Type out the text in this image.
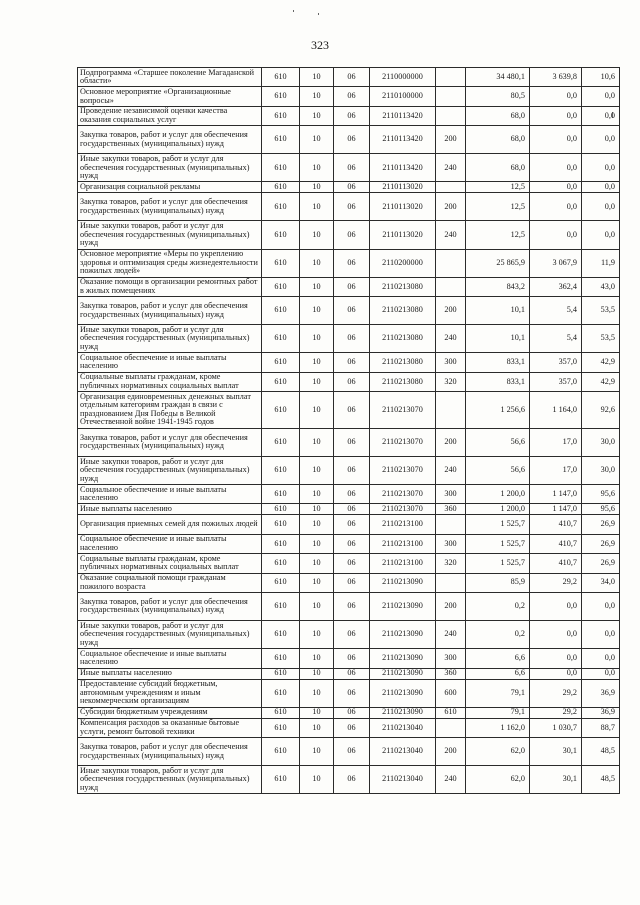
323
Подпрограмма «Старшее поколение Магаданской области»	610	10	06	2110000000		34 480,1	3 639,8	10,6
Основное мероприятие «Организационные вопросы»	610	10	06	2110100000		80,5	0,0	0,0
Проведение независимой оценки качества оказания социальных услуг	610	10	06	2110113420		68,0	0,0	0,0
Закупка товаров, работ и услуг для обеспечения государственных (муниципальных) нужд	610	10	06	2110113420	200	68,0	0,0	0,0
Иные закупки товаров, работ и услуг для обеспечения государственных (муниципальных) нужд	610	10	06	2110113420	240	68,0	0,0	0,0
Организация социальной рекламы	610	10	06	2110113020		12,5	0,0	0,0
Закупка товаров, работ и услуг для обеспечения государственных (муниципальных) нужд	610	10	06	2110113020	200	12,5	0,0	0,0
Иные закупки товаров, работ и услуг для обеспечения государственных (муниципальных) нужд	610	10	06	2110113020	240	12,5	0,0	0,0
Основное мероприятие «Меры по укреплению здоровья и оптимизация среды жизнедеятельности пожилых людей»	610	10	06	2110200000		25 865,9	3 067,9	11,9
Оказание помощи в организации ремонтных работ в жилых помещениях	610	10	06	2110213080		843,2	362,4	43,0
Закупка товаров, работ и услуг для обеспечения государственных (муниципальных) нужд	610	10	06	2110213080	200	10,1	5,4	53,5
Иные закупки товаров, работ и услуг для обеспечения государственных (муниципальных) нужд	610	10	06	2110213080	240	10,1	5,4	53,5
Социальное обеспечение и иные выплаты населению	610	10	06	2110213080	300	833,1	357,0	42,9
Социальные выплаты гражданам, кроме публичных нормативных социальных выплат	610	10	06	2110213080	320	833,1	357,0	42,9
Организация единовременных денежных выплат отдельным категориям граждан в связи с празднованием Дня Победы в Великой Отечественной войне 1941-1945 годов	610	10	06	2110213070		1 256,6	1 164,0	92,6
Закупка товаров, работ и услуг для обеспечения государственных (муниципальных) нужд	610	10	06	2110213070	200	56,6	17,0	30,0
Иные закупки товаров, работ и услуг для обеспечения государственных (муниципальных) нужд	610	10	06	2110213070	240	56,6	17,0	30,0
Социальное обеспечение и иные выплаты населению	610	10	06	2110213070	300	1 200,0	1 147,0	95,6
Иные выплаты населению	610	10	06	2110213070	360	1 200,0	1 147,0	95,6
Организация приемных семей для пожилых людей	610	10	06	2110213100		1 525,7	410,7	26,9
Социальное обеспечение и иные выплаты населению	610	10	06	2110213100	300	1 525,7	410,7	26,9
Социальные выплаты гражданам, кроме публичных нормативных социальных выплат	610	10	06	2110213100	320	1 525,7	410,7	26,9
Оказание социальной помощи гражданам пожилого возраста	610	10	06	2110213090		85,9	29,2	34,0
Закупка товаров, работ и услуг для обеспечения государственных (муниципальных) нужд	610	10	06	2110213090	200	0,2	0,0	0,0
Иные закупки товаров, работ и услуг для обеспечения государственных (муниципальных) нужд	610	10	06	2110213090	240	0,2	0,0	0,0
Социальное обеспечение и иные выплаты населению	610	10	06	2110213090	300	6,6	0,0	0,0
Иные выплаты населению	610	10	06	2110213090	360	6,6	0,0	0,0
Предоставление субсидий бюджетным, автономным учреждениям и иным некоммерческим организациям	610	10	06	2110213090	600	79,1	29,2	36,9
Субсидии бюджетным учреждениям	610	10	06	2110213090	610	79,1	29,2	36,9
Компенсация расходов за оказанные бытовые услуги, ремонт бытовой техники	610	10	06	2110213040		1 162,0	1 030,7	88,7
Закупка товаров, работ и услуг для обеспечения государственных (муниципальных) нужд	610	10	06	2110213040	200	62,0	30,1	48,5
Иные закупки товаров, работ и услуг для обеспечения государственных (муниципальных) нужд	610	10	06	2110213040	240	62,0	30,1	48,5
